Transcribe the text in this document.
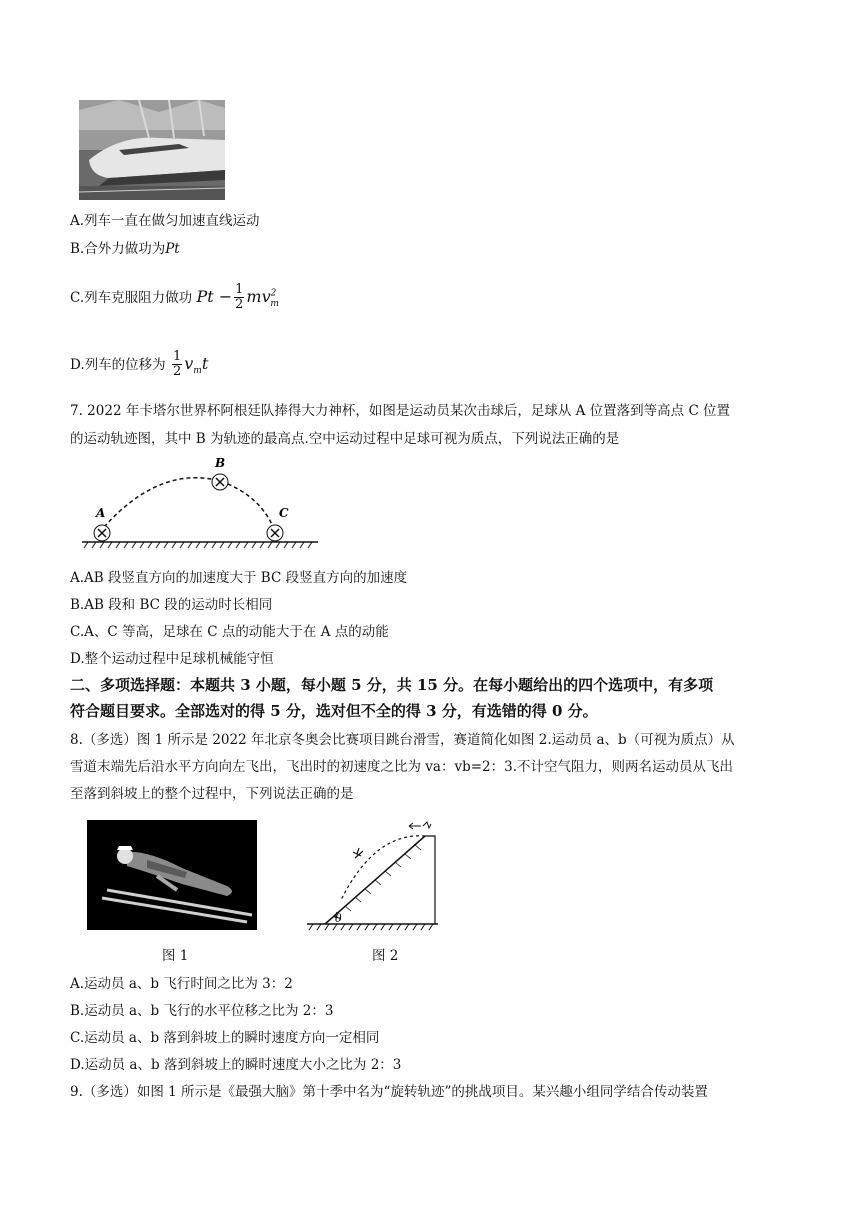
A.列车一直在做匀加速直线运动
B.合外力做功为Pt
C.列车克服阻力做功 $Pt - \frac{1}{2} mv^2_m$
D.列车的位移为 $\frac{1}{2} v_mt$
7. 2022 年卡塔尔世界杯阿根廷队捧得大力神杯，如图是运动员某次击球后，足球从 A 位置落到等高点 C 位置
的运动轨迹图，其中 B 为轨迹的最高点.空中运动过程中足球可视为质点，下列说法正确的是
A
B
C
A.AB 段竖直方向的加速度大于 BC 段竖直方向的加速度
B.AB 段和 BC 段的运动时长相同
C.A、C 等高，足球在 C 点的动能大于在 A 点的动能
D.整个运动过程中足球机械能守恒
二、多项选择题：本题共 3 小题，每小题 5 分，共 15 分。在每小题给出的四个选项中，有多项
符合题目要求。全部选对的得 5 分，选对但不全的得 3 分，有选错的得 0 分。
8.（多选）图 1 所示是 2022 年北京冬奥会比赛项目跳台滑雪，赛道简化如图 2.运动员 a、b（可视为质点）从
雪道末端先后沿水平方向向左飞出，飞出时的初速度之比为 va：vb=2：3.不计空气阻力，则两名运动员从飞出
至落到斜坡上的整个过程中，下列说法正确的是
θ
图 1	图 2
A.运动员 a、b 飞行时间之比为 3：2
B.运动员 a、b 飞行的水平位移之比为 2：3
C.运动员 a、b 落到斜坡上的瞬时速度方向一定相同
D.运动员 a、b 落到斜坡上的瞬时速度大小之比为 2：3
9.（多选）如图 1 所示是《最强大脑》第十季中名为“旋转轨迹”的挑战项目。某兴趣小组同学结合传动装置
